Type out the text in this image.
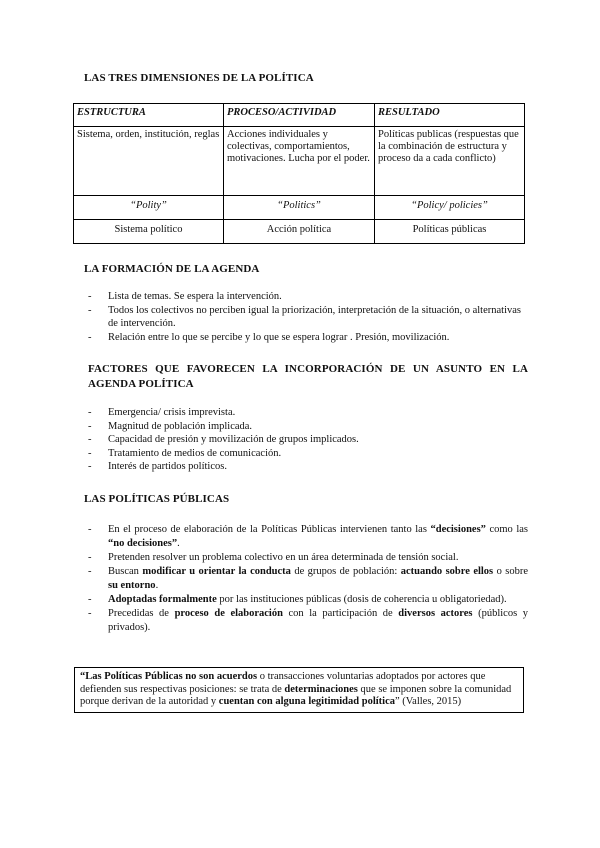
LAS TRES DIMENSIONES DE LA POLÍTICA
ESTRUCTURA	PROCESO/ACTIVIDAD	RESULTADO
Sistema, orden, institución, reglas	Acciones individuales y colectivas, comportamientos, motivaciones. Lucha por el poder.	Políticas publicas (respuestas que la combinación de estructura y proceso da a cada conflicto)
“Polity”	“Politics”	“Policy/ policies”
Sistema político	Acción política	Políticas públicas
LA FORMACIÓN DE LA AGENDA
- Lista de temas. Se espera la intervención.
- Todos los colectivos no perciben igual la priorización, interpretación de la situación, o alternativas de intervención.
- Relación entre lo que se percibe y lo que se espera lograr . Presión, movilización.
FACTORES QUE FAVORECEN LA INCORPORACIÓN DE UN ASUNTO EN LA AGENDA POLÍTICA
- Emergencia/ crisis imprevista.
- Magnitud de población implicada.
- Capacidad de presión y movilización de grupos implicados.
- Tratamiento de medios de comunicación.
- Interés de partidos políticos.
LAS POLÍTICAS PÚBLICAS
- En el proceso de elaboración de la Políticas Públicas intervienen tanto las “decisiones” como las “no decisiones”.
- Pretenden resolver un problema colectivo en un área determinada de tensión social.
- Buscan modificar u orientar la conducta de grupos de población: actuando sobre ellos o sobre su entorno.
- Adoptadas formalmente por las instituciones públicas (dosis de coherencia u obligatoriedad).
- Precedidas de proceso de elaboración con la participación de diversos actores (públicos y privados).
“Las Políticas Públicas no son acuerdos o transacciones voluntarias adoptados por actores que defienden sus respectivas posiciones: se trata de determinaciones que se imponen sobre la comunidad porque derivan de la autoridad y cuentan con alguna legitimidad política” (Valles, 2015)
